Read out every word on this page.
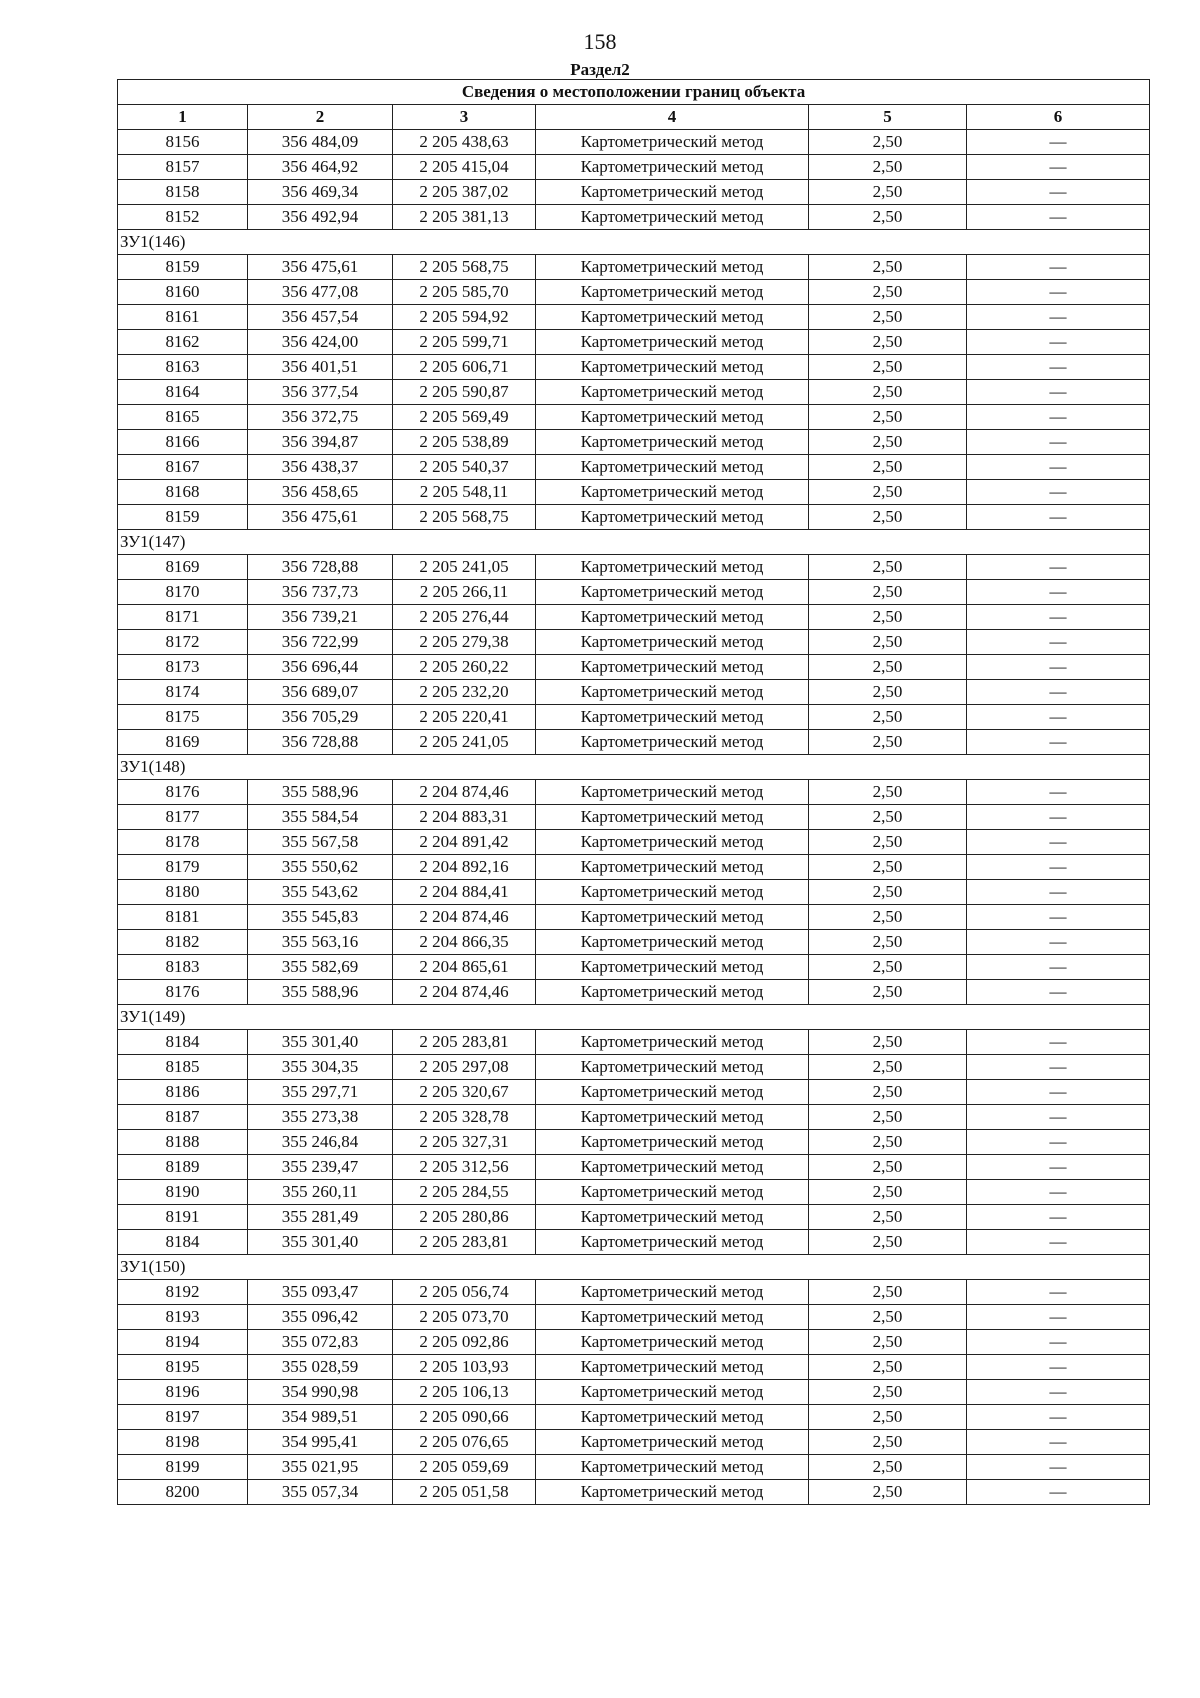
158
Раздел2
Сведения о местоположении границ объекта					
1	2	3	4	5	6
8156	356 484,09	2 205 438,63	Картометрический метод	2,50	—
8157	356 464,92	2 205 415,04	Картометрический метод	2,50	—
8158	356 469,34	2 205 387,02	Картометрический метод	2,50	—
8152	356 492,94	2 205 381,13	Картометрический метод	2,50	—
ЗУ1(146)					
8159	356 475,61	2 205 568,75	Картометрический метод	2,50	—
8160	356 477,08	2 205 585,70	Картометрический метод	2,50	—
8161	356 457,54	2 205 594,92	Картометрический метод	2,50	—
8162	356 424,00	2 205 599,71	Картометрический метод	2,50	—
8163	356 401,51	2 205 606,71	Картометрический метод	2,50	—
8164	356 377,54	2 205 590,87	Картометрический метод	2,50	—
8165	356 372,75	2 205 569,49	Картометрический метод	2,50	—
8166	356 394,87	2 205 538,89	Картометрический метод	2,50	—
8167	356 438,37	2 205 540,37	Картометрический метод	2,50	—
8168	356 458,65	2 205 548,11	Картометрический метод	2,50	—
8159	356 475,61	2 205 568,75	Картометрический метод	2,50	—
ЗУ1(147)					
8169	356 728,88	2 205 241,05	Картометрический метод	2,50	—
8170	356 737,73	2 205 266,11	Картометрический метод	2,50	—
8171	356 739,21	2 205 276,44	Картометрический метод	2,50	—
8172	356 722,99	2 205 279,38	Картометрический метод	2,50	—
8173	356 696,44	2 205 260,22	Картометрический метод	2,50	—
8174	356 689,07	2 205 232,20	Картометрический метод	2,50	—
8175	356 705,29	2 205 220,41	Картометрический метод	2,50	—
8169	356 728,88	2 205 241,05	Картометрический метод	2,50	—
ЗУ1(148)					
8176	355 588,96	2 204 874,46	Картометрический метод	2,50	—
8177	355 584,54	2 204 883,31	Картометрический метод	2,50	—
8178	355 567,58	2 204 891,42	Картометрический метод	2,50	—
8179	355 550,62	2 204 892,16	Картометрический метод	2,50	—
8180	355 543,62	2 204 884,41	Картометрический метод	2,50	—
8181	355 545,83	2 204 874,46	Картометрический метод	2,50	—
8182	355 563,16	2 204 866,35	Картометрический метод	2,50	—
8183	355 582,69	2 204 865,61	Картометрический метод	2,50	—
8176	355 588,96	2 204 874,46	Картометрический метод	2,50	—
ЗУ1(149)					
8184	355 301,40	2 205 283,81	Картометрический метод	2,50	—
8185	355 304,35	2 205 297,08	Картометрический метод	2,50	—
8186	355 297,71	2 205 320,67	Картометрический метод	2,50	—
8187	355 273,38	2 205 328,78	Картометрический метод	2,50	—
8188	355 246,84	2 205 327,31	Картометрический метод	2,50	—
8189	355 239,47	2 205 312,56	Картометрический метод	2,50	—
8190	355 260,11	2 205 284,55	Картометрический метод	2,50	—
8191	355 281,49	2 205 280,86	Картометрический метод	2,50	—
8184	355 301,40	2 205 283,81	Картометрический метод	2,50	—
ЗУ1(150)					
8192	355 093,47	2 205 056,74	Картометрический метод	2,50	—
8193	355 096,42	2 205 073,70	Картометрический метод	2,50	—
8194	355 072,83	2 205 092,86	Картометрический метод	2,50	—
8195	355 028,59	2 205 103,93	Картометрический метод	2,50	—
8196	354 990,98	2 205 106,13	Картометрический метод	2,50	—
8197	354 989,51	2 205 090,66	Картометрический метод	2,50	—
8198	354 995,41	2 205 076,65	Картометрический метод	2,50	—
8199	355 021,95	2 205 059,69	Картометрический метод	2,50	—
8200	355 057,34	2 205 051,58	Картометрический метод	2,50	—
